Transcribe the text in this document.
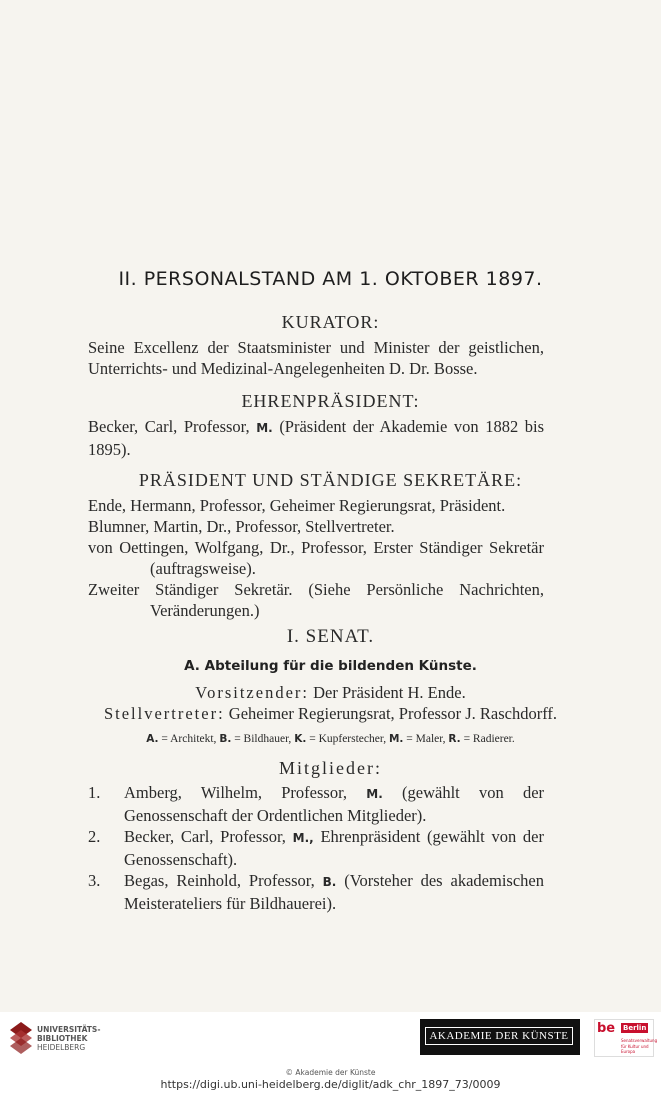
II. PERSONALSTAND AM 1. OKTOBER 1897.
KURATOR:
Seine Excellenz der Staatsminister und Minister der geistlichen, Unterrichts- und Medizinal-Angelegenheiten D. Dr. Bosse.
EHRENPRÄSIDENT:
Becker, Carl, Professor, M. (Präsident der Akademie von 1882 bis 1895).
PRÄSIDENT UND STÄNDIGE SEKRETÄRE:
Ende, Hermann, Professor, Geheimer Regierungsrat, Präsident.
Blumner, Martin, Dr., Professor, Stellvertreter.
von Oettingen, Wolfgang, Dr., Professor, Erster Ständiger Sekretär (auftragsweise).
Zweiter Ständiger Sekretär. (Siehe Persönliche Nachrichten, Veränderungen.)
I. SENAT.
A. Abteilung für die bildenden Künste.
Vorsitzender: Der Präsident H. Ende.
Stellvertreter: Geheimer Regierungsrat, Professor J. Raschdorff.
A. = Architekt, B. = Bildhauer, K. = Kupferstecher, M. = Maler, R. = Radierer.
Mitglieder:
1. Amberg, Wilhelm, Professor, M. (gewählt von der Genossenschaft der Ordentlichen Mitglieder).
2. Becker, Carl, Professor, M., Ehrenpräsident (gewählt von der Genossenschaft).
3. Begas, Reinhold, Professor, B. (Vorsteher des akademischen Meisterateliers für Bildhauerei).
UNIVERSITÄTS-
BIBLIOTHEK
HEIDELBERG
AKADEMIE DER KÜNSTE	be Berlin
Senatsverwaltung
für Kultur und Europa
© Akademie der Künste
https://digi.ub.uni-heidelberg.de/diglit/adk_chr_1897_73/0009
